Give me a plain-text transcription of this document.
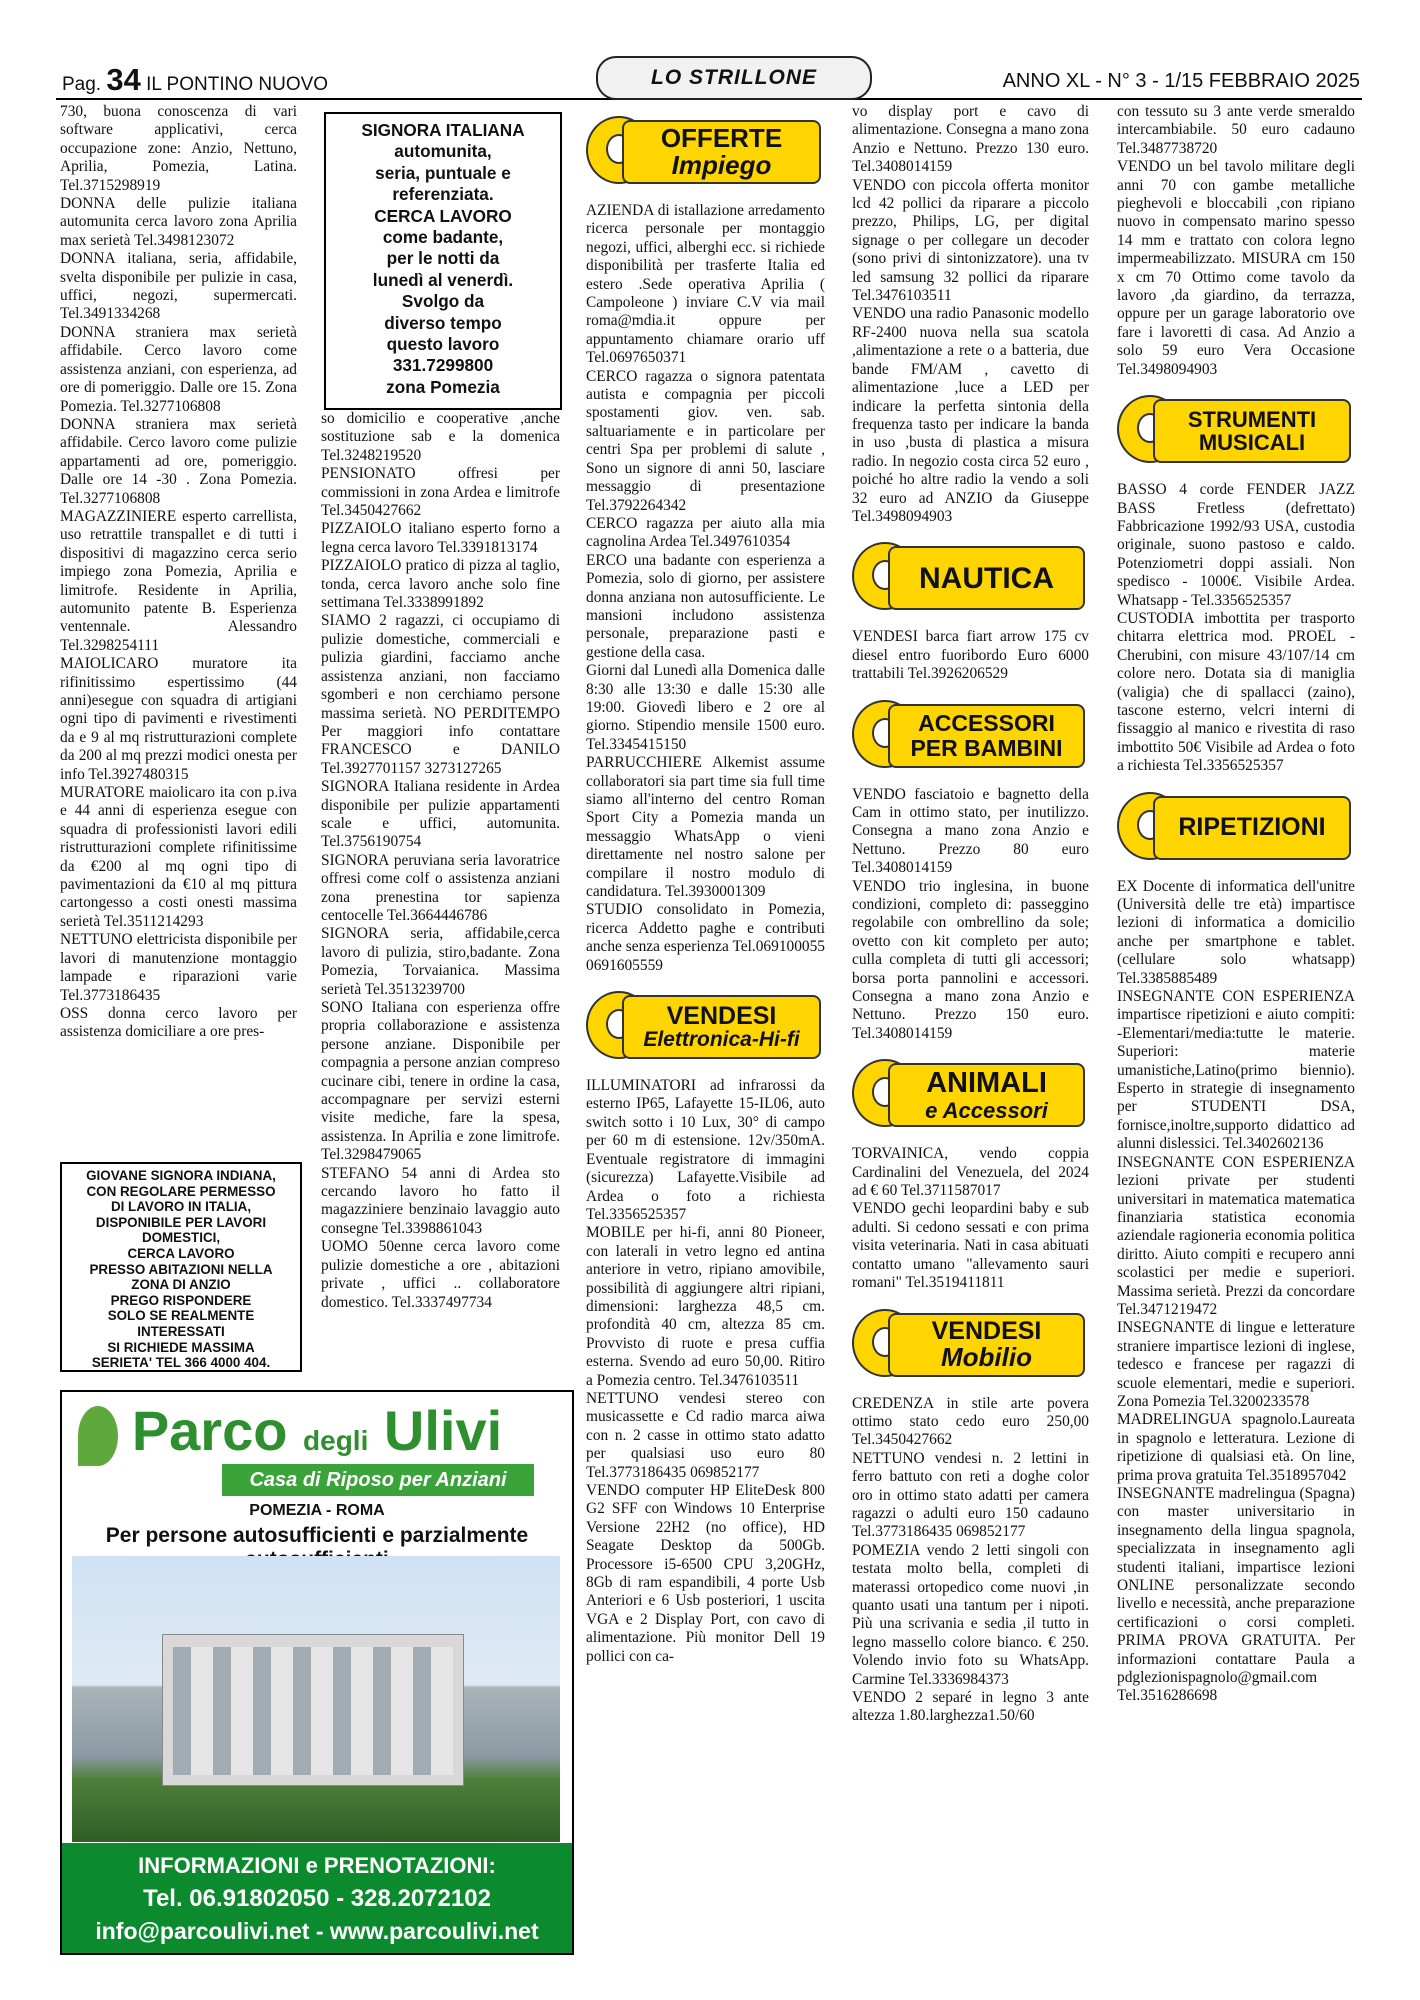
Pag. 34 IL PONTINO NUOVO	LO STRILLONE	ANNO XL - N° 3 - 1/15 FEBBRAIO 2025

730, buona conoscenza di vari software applicativi, cerca occupazione zone: Anzio, Nettuno, Aprilia, Pomezia, Latina. Tel.3715298919

DONNA delle pulizie italiana automunita cerca lavoro zona Aprilia max serietà Tel.3498123072

DONNA italiana, seria, affidabile, svelta disponibile per pulizie in casa, uffici, negozi, supermercati. Tel.3491334268

DONNA straniera max serietà affidabile. Cerco lavoro come assistenza anziani, con esperienza, ad ore di pomeriggio. Dalle ore 15. Zona Pomezia. Tel.3277106808

DONNA straniera max serietà affidabile. Cerco lavoro come pulizie appartamenti ad ore, pomeriggio. Dalle ore 14 -30 . Zona Pomezia. Tel.3277106808

MAGAZZINIERE esperto carrellista, uso retrattile transpallet e di tutti i dispositivi di magazzino cerca serio impiego zona Pomezia, Aprilia e limitrofe. Residente in Aprilia, automunito patente B. Esperienza ventennale. Alessandro Tel.3298254111

MAIOLICARO muratore ita rifinitissimo espertissimo (44 anni)esegue con squadra di artigiani ogni tipo di pavimenti e rivestimenti da e 9 al mq ristrutturazioni complete da 200 al mq prezzi modici onesta per info Tel.3927480315

MURATORE maiolicaro ita con p.iva e 44 anni di esperienza esegue con squadra di professionisti lavori edili ristrutturazioni complete rifinitissime da €200 al mq ogni tipo di pavimentazioni da €10 al mq pittura cartongesso a costi onesti massima serietà Tel.3511214293

NETTUNO elettricista disponibile per lavori di manutenzione montaggio lampade e riparazioni varie Tel.3773186435

OSS donna cerco lavoro per assistenza domiciliare a ore pres-

SIGNORA ITALIANA
automunita,
seria, puntuale e
referenziata.
CERCA LAVORO
come badante,
per le notti da
lunedì al venerdì.
Svolgo da
diverso tempo
questo lavoro
331.7299800
zona Pomezia
GIOVANE SIGNORA INDIANA,
CON REGOLARE PERMESSO
DI LAVORO IN ITALIA,
DISPONIBILE PER LAVORI
DOMESTICI,
CERCA LAVORO
PRESSO ABITAZIONI NELLA
ZONA DI ANZIO
PREGO RISPONDERE
SOLO SE REALMENTE
INTERESSATI
SI RICHIEDE MASSIMA
SERIETA' TEL 366 4000 404.

so domicilio e cooperative ,anche sostituzione sab e la domenica Tel.3248219520

PENSIONATO offresi per commissioni in zona Ardea e limitrofe Tel.3450427662

PIZZAIOLO italiano esperto forno a legna cerca lavoro Tel.3391813174

PIZZAIOLO pratico di pizza al taglio, tonda, cerca lavoro anche solo fine settimana Tel.3338991892

SIAMO 2 ragazzi, ci occupiamo di pulizie domestiche, commerciali e pulizia giardini, facciamo anche assistenza anziani, non facciamo sgomberi e non cerchiamo persone massima serietà. NO PERDITEMPO Per maggiori info contattare FRANCESCO e DANILO Tel.3927701157 3273127265

SIGNORA Italiana residente in Ardea disponibile per pulizie appartamenti scale e uffici, automunita. Tel.3756190754

SIGNORA peruviana seria lavoratrice offresi come colf o assistenza anziani zona prenestina tor sapienza centocelle Tel.3664446786

SIGNORA seria, affidabile,cerca lavoro di pulizia, stiro,badante. Zona Pomezia, Torvaianica. Massima serietà Tel.3513239700

SONO Italiana con esperienza offre propria collaborazione e assistenza persone anziane. Disponibile per compagnia a persone anzian compreso cucinare cibi, tenere in ordine la casa, accompagnare per servizi esterni visite mediche, fare la spesa, assistenza. In Aprilia e zone limitrofe. Tel.3298479065

STEFANO 54 anni di Ardea sto cercando lavoro ho fatto il magazziniere benzinaio lavaggio auto consegne Tel.3398861043

UOMO 50enne cerca lavoro come pulizie domestiche a ore , abitazioni private , uffici .. collaboratore domestico. Tel.3337497734

Parco degli Ulivi
Casa di Riposo per Anziani
POMEZIA - ROMA
Per persone autosufficienti e parzialmente
INFORMAZIONI e PRENOTAZIONI:
Tel. 06.91802050 - 328.2072102
info@parcoulivi.net - www.parcoulivi.net
OFFERTE
Impiego

AZIENDA di istallazione arredamento ricerca personale per montaggio negozi, uffici, alberghi ecc. si richiede disponibilità per trasferte Italia ed estero .Sede operativa Aprilia ( Campoleone ) inviare C.V via mail roma@mdia.it oppure per appuntamento chiamare orario uff Tel.0697650371

CERCO ragazza o signora patentata autista e compagnia per piccoli spostamenti giov. ven. sab. saltuariamente e in particolare per centri Spa per problemi di salute , Sono un signore di anni 50, lasciare messaggio di presentazione Tel.3792264342

CERCO ragazza per aiuto alla mia cagnolina Ardea Tel.3497610354

ERCO una badante con esperienza a Pomezia, solo di giorno, per assistere donna anziana non autosufficiente. Le mansioni includono assistenza personale, preparazione pasti e gestione della casa.

Giorni dal Lunedì alla Domenica dalle 8:30 alle 13:30 e dalle 15:30 alle 19:00. Giovedì libero e 2 ore al giorno. Stipendio mensile 1500 euro. Tel.3345415150

PARRUCCHIERE Alkemist assume collaboratori sia part time sia full time siamo all'interno del centro Roman Sport City a Pomezia manda un messaggio WhatsApp o vieni direttamente nel nostro salone per compilare il nostro modulo di candidatura. Tel.3930001309

STUDIO consolidato in Pomezia, ricerca Addetto paghe e contributi anche senza esperienza Tel.069100055 0691605559

VENDESI
Elettronica-Hi-fi

ILLUMINATORI ad infrarossi da esterno IP65, Lafayette 15-IL06, auto switch sotto i 10 Lux, 30° di campo per 60 m di estensione. 12v/350mA. Eventuale registratore di immagini (sicurezza) Lafayette.Visibile ad Ardea o foto a richiesta Tel.3356525357

MOBILE per hi-fi, anni 80 Pioneer, con laterali in vetro legno ed antina anteriore in vetro, ripiano amovibile, possibilità di aggiungere altri ripiani, dimensioni: larghezza 48,5 cm. profondità 40 cm, altezza 85 cm. Provvisto di ruote e presa cuffia esterna. Svendo ad euro 50,00. Ritiro a Pomezia centro. Tel.3476103511

NETTUNO vendesi stereo con musicassette e Cd radio marca aiwa con n. 2 casse in ottimo stato adatto per qualsiasi uso euro 80 Tel.3773186435 069852177

VENDO computer HP EliteDesk 800 G2 SFF con Windows 10 Enterprise Versione 22H2 (no office), HD Seagate Desktop da 500Gb. Processore i5-6500 CPU 3,20GHz, 8Gb di ram espandibili, 4 porte Usb Anteriori e 6 Usb posteriori, 1 uscita VGA e 2 Display Port, con cavo di alimentazione. Più monitor Dell 19 pollici con ca-

vo display port e cavo di alimentazione. Consegna a mano zona Anzio e Nettuno. Prezzo 130 euro. Tel.3408014159

VENDO con piccola offerta monitor lcd 42 pollici da riparare a piccolo prezzo, Philips, LG, per digital signage o per collegare un decoder (sono privi di sintonizzatore). una tv led samsung 32 pollici da riparare Tel.3476103511

VENDO una radio Panasonic modello RF-2400 nuova nella sua scatola ,alimentazione a rete o a batteria, due bande FM/AM , cavetto di alimentazione ,luce a LED per indicare la perfetta sintonia della frequenza tasto per indicare la banda in uso ,busta di plastica a misura radio. In negozio costa circa 52 euro , poiché ho altre radio la vendo a soli 32 euro ad ANZIO da Giuseppe Tel.3498094903

NAUTICA

VENDESI barca fiart arrow 175 cv diesel entro fuoribordo Euro 6000 trattabili Tel.3926206529

ACCESSORI
PER BAMBINI

VENDO fasciatoio e bagnetto della Cam in ottimo stato, per inutilizzo. Consegna a mano zona Anzio e Nettuno. Prezzo 80 euro Tel.3408014159

VENDO trio inglesina, in buone condizioni, completo di: passeggino regolabile con ombrellino da sole; ovetto con kit completo per auto; culla completa di tutti gli accessori; borsa porta pannolini e accessori. Consegna a mano zona Anzio e Nettuno. Prezzo 150 euro. Tel.3408014159

ANIMALI
e Accessori

TORVAINICA, vendo coppia Cardinalini del Venezuela, del 2024 ad € 60 Tel.3711587017

VENDO gechi leopardini baby e sub adulti. Si cedono sessati e con prima visita veterinaria. Nati in casa abituati contatto umano "allevamento sauri romani" Tel.3519411811

VENDESI
Mobilio

CREDENZA in stile arte povera ottimo stato cedo euro 250,00 Tel.3450427662

NETTUNO vendesi n. 2 lettini in ferro battuto con reti a doghe color oro in ottimo stato adatti per camera ragazzi o adulti euro 150 cadauno Tel.3773186435 069852177

POMEZIA vendo 2 letti singoli con testata molto bella, completi di materassi ortopedico come nuovi ,in quanto usati una tantum per i nipoti. Più una scrivania e sedia ,il tutto in legno massello colore bianco. € 250. Volendo invio foto su WhatsApp. Carmine Tel.3336984373

VENDO 2 separé in legno 3 ante altezza 1.80.larghezza1.50/60

con tessuto su 3 ante verde smeraldo intercambiabile. 50 euro cadauno Tel.3487738720

VENDO un bel tavolo militare degli anni 70 con gambe metalliche pieghevoli e bloccabili ,con ripiano nuovo in compensato marino spesso 14 mm e trattato con colora legno impermeabilizzato. MISURA cm 150 x cm 70 Ottimo come tavolo da lavoro ,da giardino, da terrazza, oppure per un garage laboratorio ove fare i lavoretti di casa. Ad Anzio a solo 59 euro Vera Occasione Tel.3498094903

STRUMENTI
MUSICALI

BASSO 4 corde FENDER JAZZ BASS Fretless (defrettato) Fabbricazione 1992/93 USA, custodia originale, suono pastoso e caldo. Potenziometri doppi assiali. Non spedisco - 1000€. Visibile Ardea. Whatsapp - Tel.3356525357

CUSTODIA imbottita per trasporto chitarra elettrica mod. PROEL - Cherubini, con misure 43/107/14 cm colore nero. Dotata sia di maniglia (valigia) che di spallacci (zaino), tascone esterno, velcri interni di fissaggio al manico e rivestita di raso imbottito 50€ Visibile ad Ardea o foto a richiesta Tel.3356525357

RIPETIZIONI

EX Docente di informatica dell'unitre (Università delle tre età) impartisce lezioni di informatica a domicilio anche per smartphone e tablet. (cellulare solo whatsapp) Tel.3385885489

INSEGNANTE CON ESPERIENZA impartisce ripetizioni e aiuto compiti: -Elementari/media:tutte le materie. Superiori: materie umanistiche,Latino(primo biennio). Esperto in strategie di insegnamento per STUDENTI DSA, fornisce,inoltre,supporto didattico ad alunni dislessici. Tel.3402602136

INSEGNANTE CON ESPERIENZA lezioni private per studenti universitari in matematica matematica finanziaria statistica economia aziendale ragioneria economia politica diritto. Aiuto compiti e recupero anni scolastici per medie e superiori. Massima serietà. Prezzi da concordare Tel.3471219472

INSEGNANTE di lingue e letterature straniere impartisce lezioni di inglese, tedesco e francese per ragazzi di scuole elementari, medie e superiori. Zona Pomezia Tel.3200233578

MADRELINGUA spagnolo.Laureata in spagnolo e letteratura. Lezione di ripetizione di qualsiasi età. On line, prima prova gratuita Tel.3518957042

INSEGNANTE madrelingua (Spagna) con master universitario in insegnamento della lingua spagnola, specializzata in insegnamento agli studenti italiani, impartisce lezioni ONLINE personalizzate secondo livello e necessità, anche preparazione certificazioni o corsi completi. PRIMA PROVA GRATUITA. Per informazioni contattare Paula a pdglezionispagnolo@gmail.com Tel.3516286698
